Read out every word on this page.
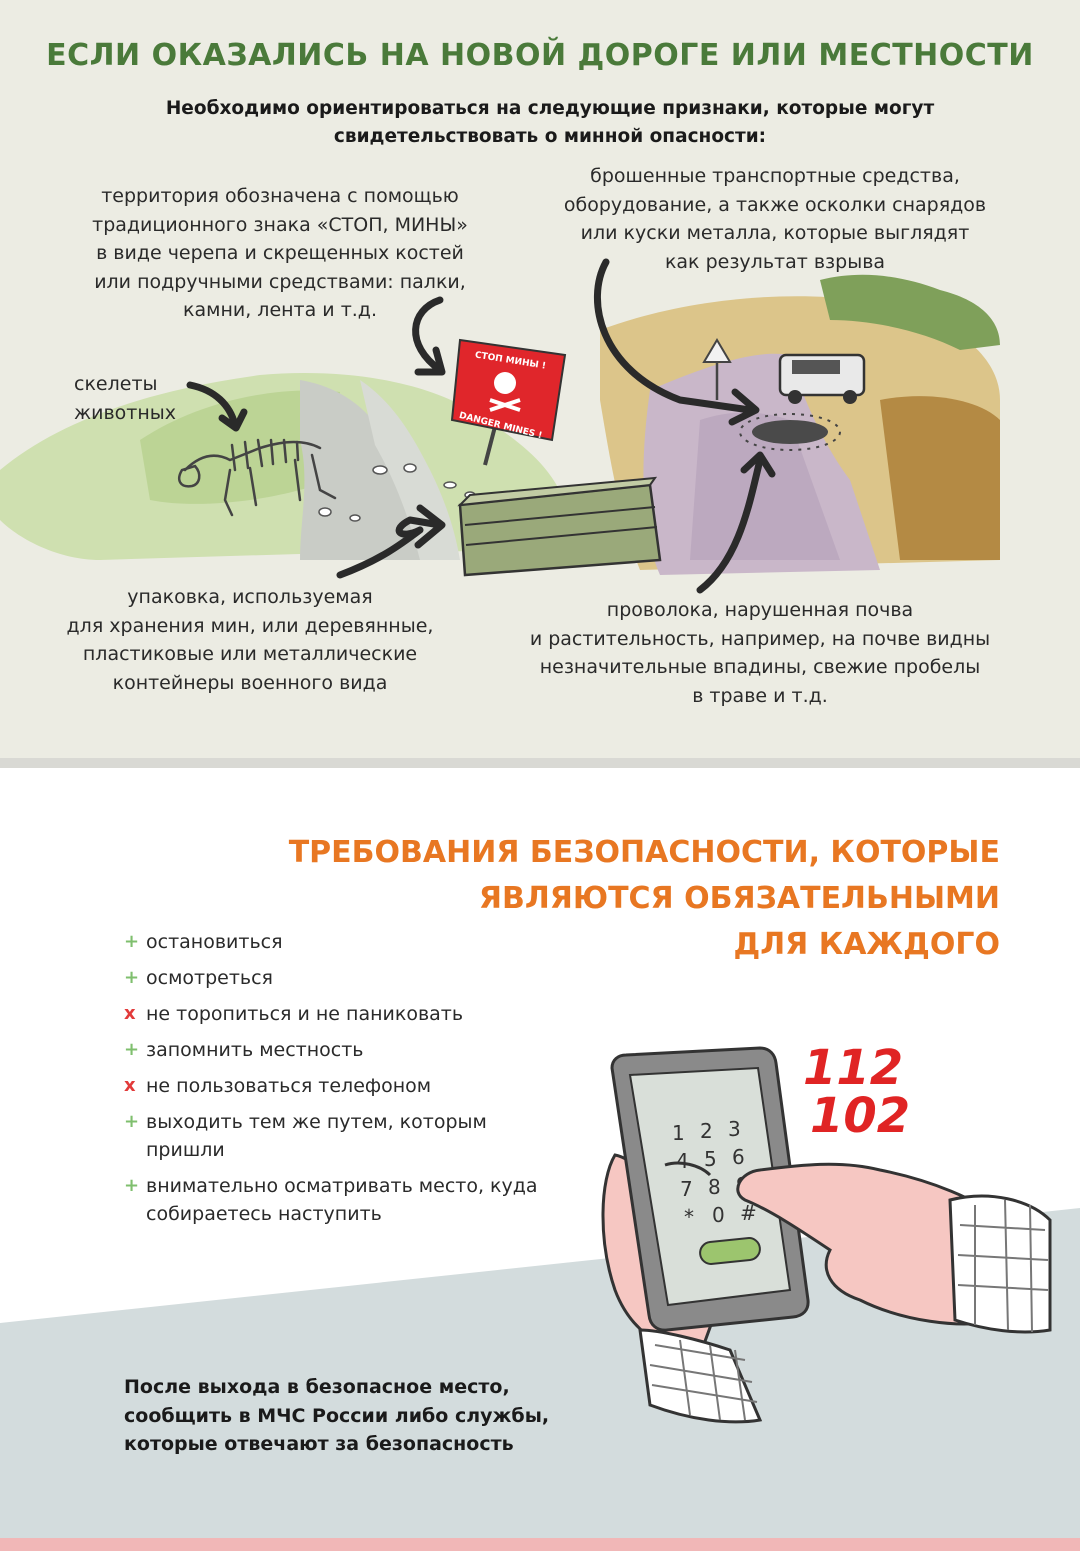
ЕСЛИ ОКАЗАЛИСЬ НА НОВОЙ ДОРОГЕ ИЛИ МЕСТНОСТИ
Необходимо ориентироваться на следующие признаки, которые могут
свидетельствовать о минной опасности:
СТОП МИНЫ !
DANGER MINES !
территория обозначена с помощью
традиционного знака «СТОП, МИНЫ»
в виде черепа и скрещенных костей
или подручными средствами: палки,
камни, лента и т.д.
брошенные транспортные средства,
оборудование, а также осколки снарядов
или куски металла, которые выглядят
как результат взрыва
скелеты
животных
упаковка, используемая
для хранения мин, или деревянные,
пластиковые или металлические
контейнеры военного вида
проволока, нарушенная почва
и растительность, например, на почве видны
незначительные впадины, свежие пробелы
в траве и т.д.
ТРЕБОВАНИЯ БЕЗОПАСНОСТИ, КОТОРЫЕ
ЯВЛЯЮТСЯ ОБЯЗАТЕЛЬНЫМИ
ДЛЯ КАЖДОГО
+ остановиться
+ осмотреться
x не торопиться и не паниковать
+ запомнить местность
x не пользоваться телефоном
+ выходить тем же путем, которым пришли
+ внимательно осматривать место, куда собираетесь наступить
1 2 3
4 5 6
7 8
* 0 #
112
102
После выхода в безопасное место,
сообщить в МЧС России либо службы,
которые отвечают за безопасность
